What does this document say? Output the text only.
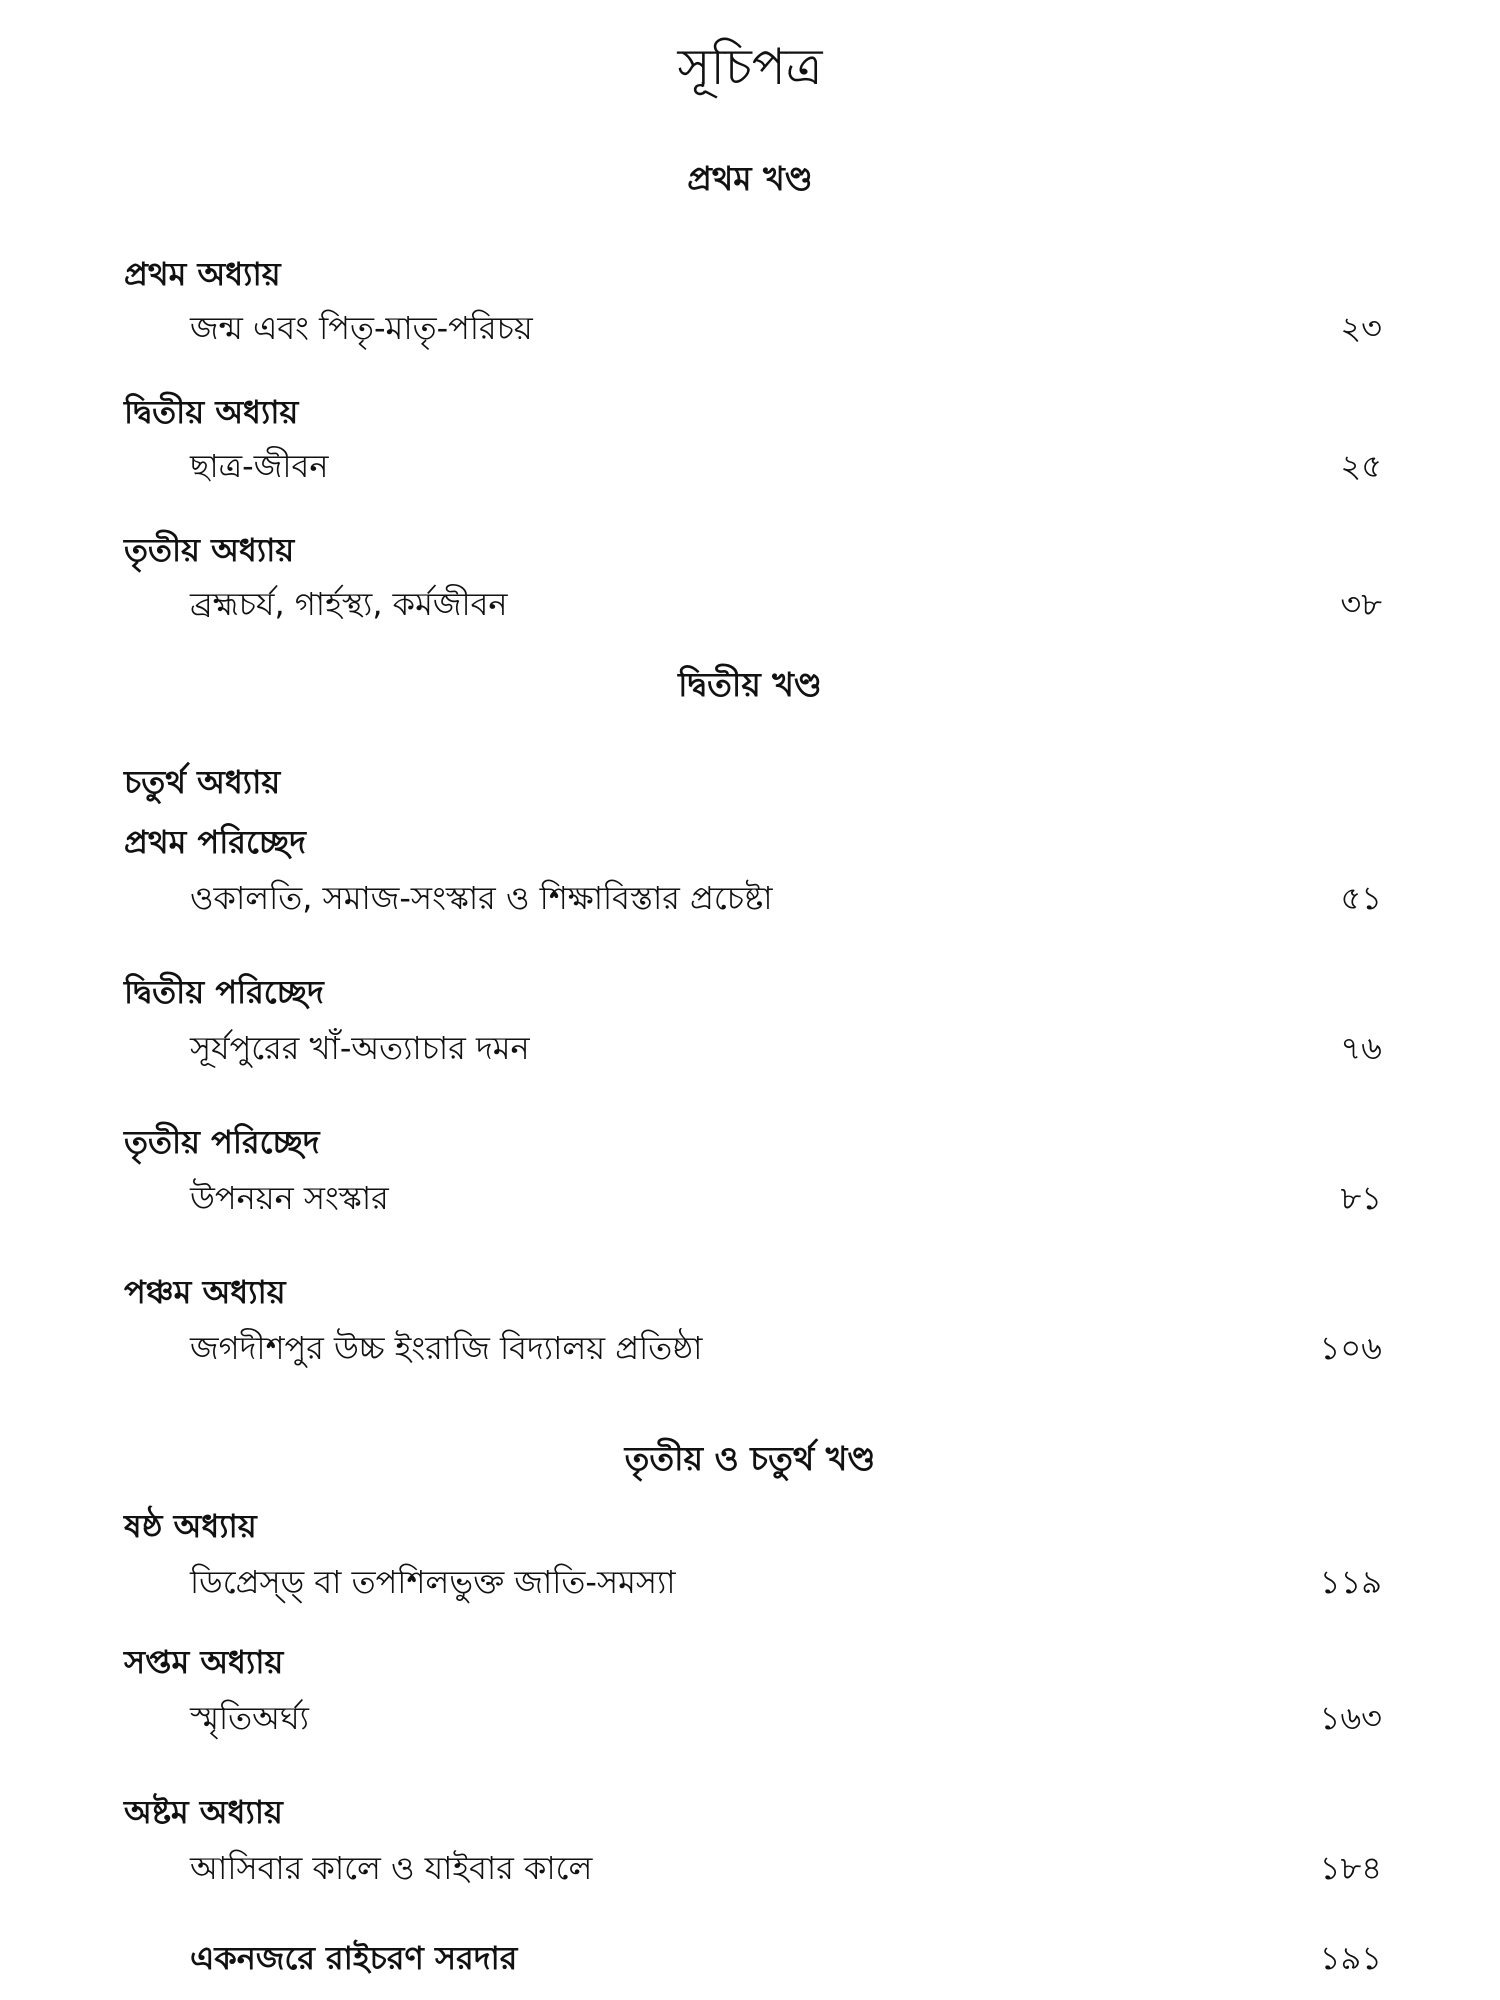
সূচিপত্র
প্রথম খণ্ড
প্রথম অধ্যায়
জন্ম এবং পিতৃ-মাতৃ-পরিচয়	২৩
দ্বিতীয় অধ্যায়
ছাত্র-জীবন	২৫
তৃতীয় অধ্যায়
ব্রহ্মচর্য, গার্হস্থ্য, কর্মজীবন	৩৮
দ্বিতীয় খণ্ড
চতুর্থ অধ্যায়
প্রথম পরিচ্ছেদ
ওকালতি, সমাজ-সংস্কার ও শিক্ষাবিস্তার প্রচেষ্টা	৫১
দ্বিতীয় পরিচ্ছেদ
সূর্যপুরের খাঁ-অত্যাচার দমন	৭৬
তৃতীয় পরিচ্ছেদ
উপনয়ন সংস্কার	৮১
পঞ্চম অধ্যায়
জগদীশপুর উচ্চ ইংরাজি বিদ্যালয় প্রতিষ্ঠা	১০৬
তৃতীয় ও চতুর্থ খণ্ড
ষষ্ঠ অধ্যায়
ডিপ্রেস্‌ড্‌ বা তপশিলভুক্ত জাতি-সমস্যা	১১৯
সপ্তম অধ্যায়
স্মৃতিঅর্ঘ্য	১৬৩
অষ্টম অধ্যায়
আসিবার কালে ও যাইবার কালে	১৮৪
একনজরে রাইচরণ সরদার	১৯১
